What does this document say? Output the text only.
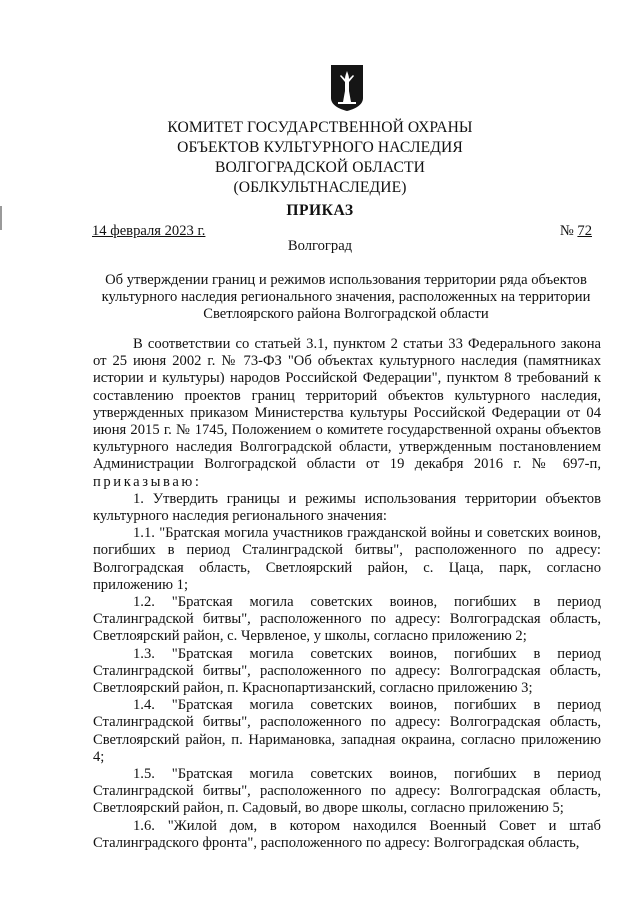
КОМИТЕТ ГОСУДАРСТВЕННОЙ ОХРАНЫ
ОБЪЕКТОВ КУЛЬТУРНОГО НАСЛЕДИЯ
ВОЛГОГРАДСКОЙ ОБЛАСТИ
(ОБЛКУЛЬТНАСЛЕДИЕ)
ПРИКАЗ
14 февраля 2023 г.	№ 72
Волгоград
Об утверждении границ и режимов использования территории ряда объектов
культурного наследия регионального значения, расположенных на территории
Светлоярского района Волгоградской области

В соответствии со статьей 3.1, пунктом 2 статьи 33 Федерального закона от 25 июня 2002 г. № 73-ФЗ "Об объектах культурного наследия (памятниках истории и культуры) народов Российской Федерации", пунктом 8 требований к составлению проектов границ территорий объектов культурного наследия, утвержденных приказом Министерства культуры Российской Федерации от 04 июня 2015 г. № 1745, Положением о комитете государственной охраны объектов культурного наследия Волгоградской области, утвержденным постановлением Администрации Волгоградской области от 19 декабря 2016 г. № 697-п, приказываю:

1. Утвердить границы и режимы использования территории объектов культурного наследия регионального значения:

1.1. "Братская могила участников гражданской войны и советских воинов, погибших в период Сталинградской битвы", расположенного по адресу: Волгоградская область, Светлоярский район, с. Цаца, парк, согласно приложению 1;

1.2. "Братская могила советских воинов, погибших в период Сталинградской битвы", расположенного по адресу: Волгоградская область, Светлоярский район, с. Червленое, у школы, согласно приложению 2;

1.3. "Братская могила советских воинов, погибших в период Сталинградской битвы", расположенного по адресу: Волгоградская область, Светлоярский район, п. Краснопартизанский, согласно приложению 3;

1.4. "Братская могила советских воинов, погибших в период Сталинградской битвы", расположенного по адресу: Волгоградская область, Светлоярский район, п. Наримановка, западная окраина, согласно приложению 4;

1.5. "Братская могила советских воинов, погибших в период Сталинградской битвы", расположенного по адресу: Волгоградская область, Светлоярский район, п. Садовый, во дворе школы, согласно приложению 5;

1.6. "Жилой дом, в котором находился Военный Совет и штаб Сталинградского фронта", расположенного по адресу: Волгоградская область,
